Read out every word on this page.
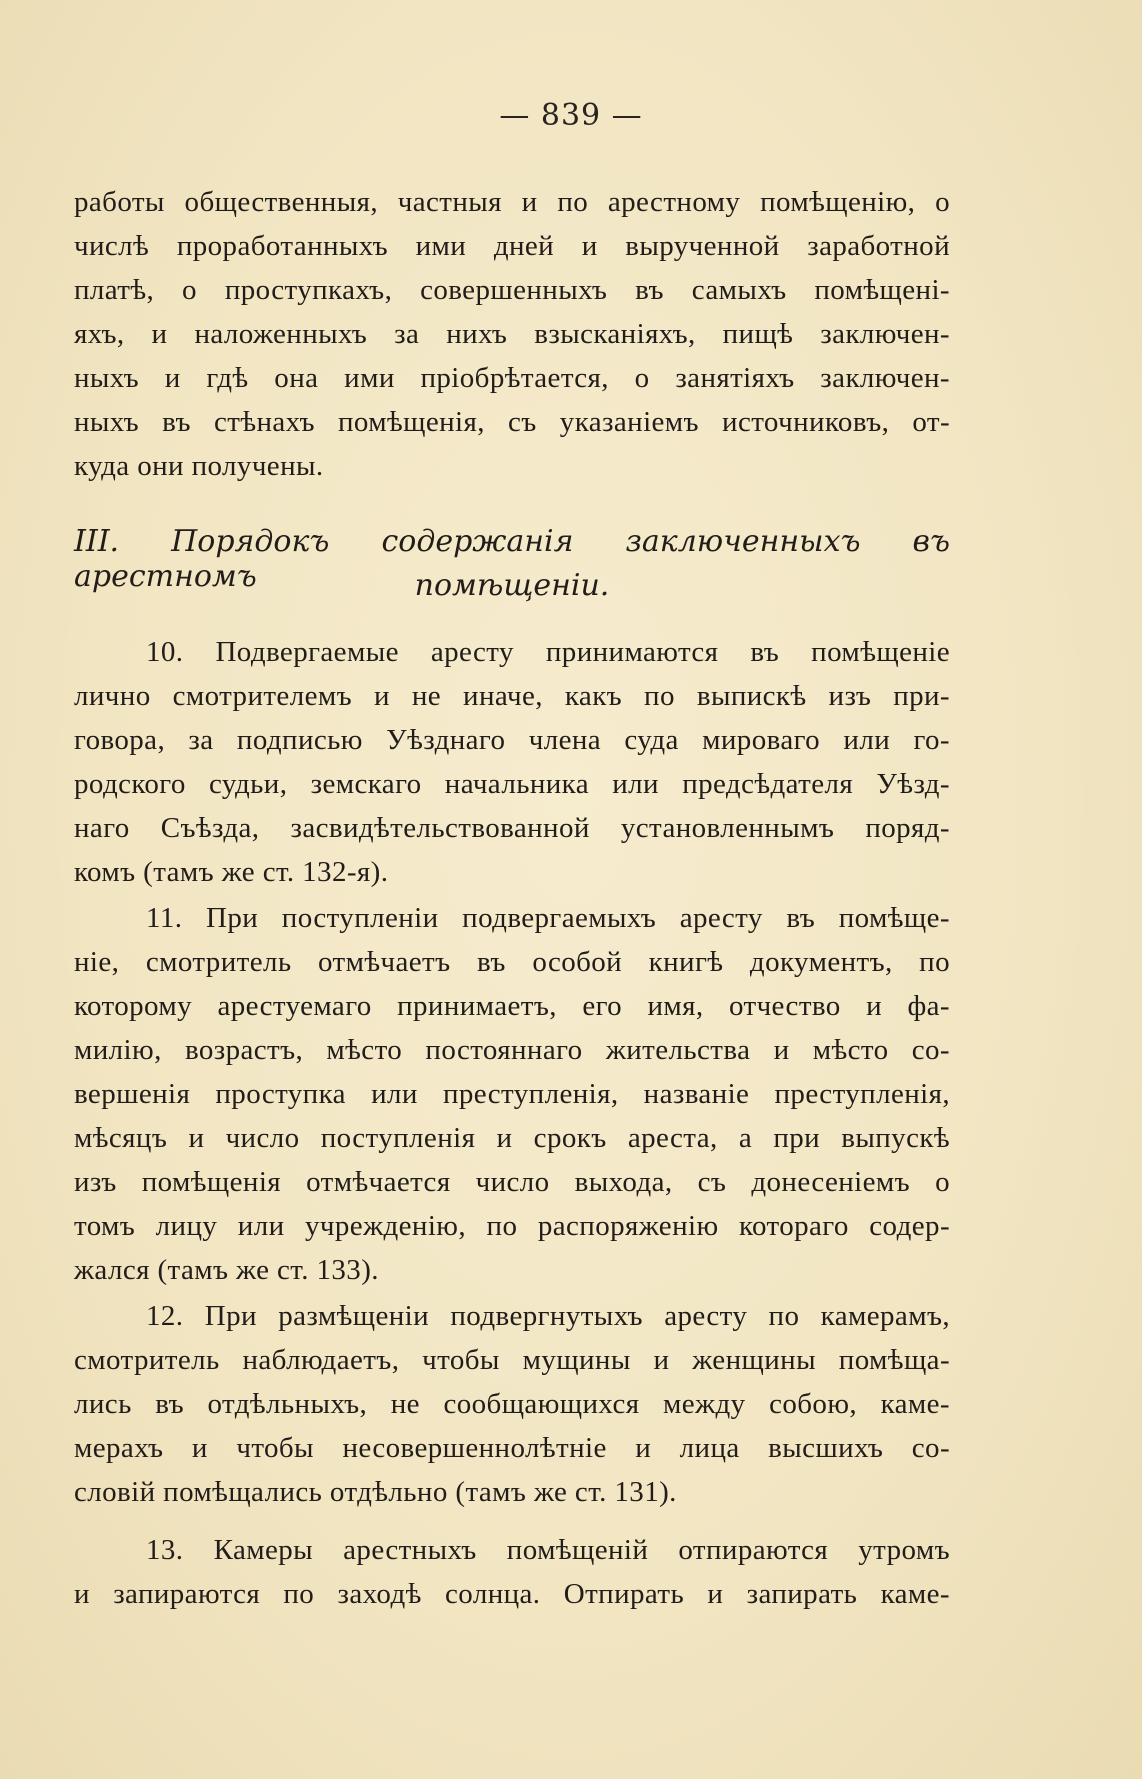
— 839 —
работы общественныя, частныя и по арестному помѣщенію, о
числѣ проработанныхъ ими дней и вырученной заработной
платѣ, о проступкахъ, совершенныхъ въ самыхъ помѣщені-
яхъ, и наложенныхъ за нихъ взысканіяхъ, пищѣ заключен-
ныхъ и гдѣ она ими пріобрѣтается, о занятіяхъ заключен-
ныхъ въ стѣнахъ помѣщенія, съ указаніемъ источниковъ, от-
куда они получены.
III. Порядокъ содержанія заключенныхъ въ арестномъ	помѣщеніи.
10. Подвергаемые аресту принимаются въ помѣщеніе
лично смотрителемъ и не иначе, какъ по выпискѣ изъ при-
говора, за подписью Уѣзднаго члена суда мироваго или го-
родского судьи, земскаго начальника или предсѣдателя Уѣзд-
наго Съѣзда, засвидѣтельствованной установленнымъ поряд-
комъ (тамъ же ст. 132-я).
11. При поступленіи подвергаемыхъ аресту въ помѣще-
ніе, смотритель отмѣчаетъ въ особой книгѣ документъ, по
которому арестуемаго принимаетъ, его имя, отчество и фа-
милію, возрастъ, мѣсто постояннаго жительства и мѣсто со-
вершенія проступка или преступленія, названіе преступленія,
мѣсяцъ и число поступленія и срокъ ареста, а при выпускѣ
изъ помѣщенія отмѣчается число выхода, съ донесеніемъ о
томъ лицу или учрежденію, по распоряженію котораго содер-
жался (тамъ же ст. 133).
12. При размѣщеніи подвергнутыхъ аресту по камерамъ,
смотритель наблюдаетъ, чтобы мущины и женщины помѣща-
лись въ отдѣльныхъ, не сообщающихся между собою, каме-
мерахъ и чтобы несовершеннолѣтніе и лица высшихъ со-
словій помѣщались отдѣльно (тамъ же ст. 131).
13. Камеры арестныхъ помѣщеній отпираются утромъ
и запираются по заходѣ солнца. Отпирать и запирать каме-
